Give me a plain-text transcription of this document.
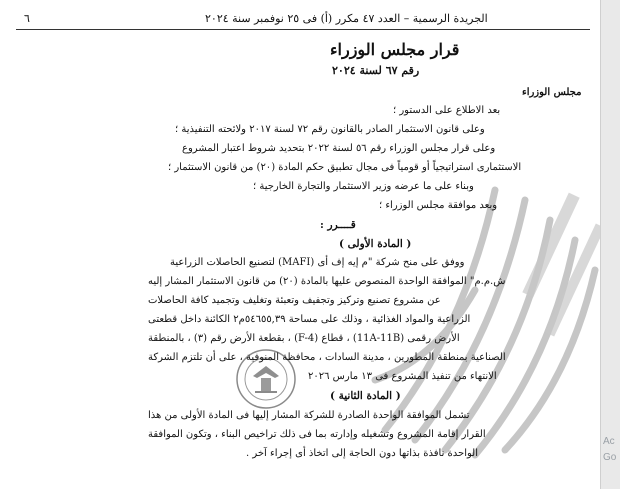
٦	الجريدة الرسمية – العدد ٤٧ مكرر (أ) فى ٢٥ نوفمبر سنة ٢٠٢٤
قرار مجلس الوزراء
رقم ٦٧ لسنة ٢٠٢٤
مجلس الوزراء
بعد الاطلاع على الدستور ؛
وعلى قانون الاستثمار الصادر بالقانون رقم ٧٢ لسنة ٢٠١٧ ولائحته التنفيذية ؛
وعلى قرار مجلس الوزراء رقم ٥٦ لسنة ٢٠٢٢ بتحديد شروط اعتبار المشروع
الاستثمارى استراتيجياً أو قومياً فى مجال تطبيق حكم المادة (٢٠) من قانون الاستثمار ؛
وبناء على ما عرضه وزير الاستثمار والتجارة الخارجية ؛
وبعد موافقة مجلس الوزراء ؛
قــــرر :
( المادة الأولى )
ووفق على منح شركة "م إيه إف أى (MAFI) لتصنيع الحاصلات الزراعية
ش.م.م" الموافقة الواحدة المنصوص عليها بالمادة (٢٠) من قانون الاستثمار المشار إليه
عن مشروع تصنيع وتركيز وتجفيف وتعبئة وتغليف وتجميد كافة الحاصلات
الزراعية والمواد الغذائية ، وذلك على مساحة ٥٤٦٥٥,٣٩م٢ الكائنة داخل قطعتى
الأرض رقمى (11A-11B) ، قطاع (F-4) ، بقطعة الأرض رقم (٣) ، بالمنطقة
الصناعية بمنطقة المطورين ، مدينة السادات ، محافظة المنوفية ، على أن تلتزم الشركة
الانتهاء من تنفيذ المشروع فى ١٣ مارس ٢٠٢٦
( المادة الثانية )
تشمل الموافقة الواحدة الصادرة للشركة المشار إليها فى المادة الأولى من هذا
القرار إقامة المشروع وتشغيله وإدارته بما فى ذلك تراخيص البناء ، وتكون الموافقة
الواحدة نافذة بذاتها دون الحاجة إلى اتخاذ أى إجراء آخر .
Ac
Go
